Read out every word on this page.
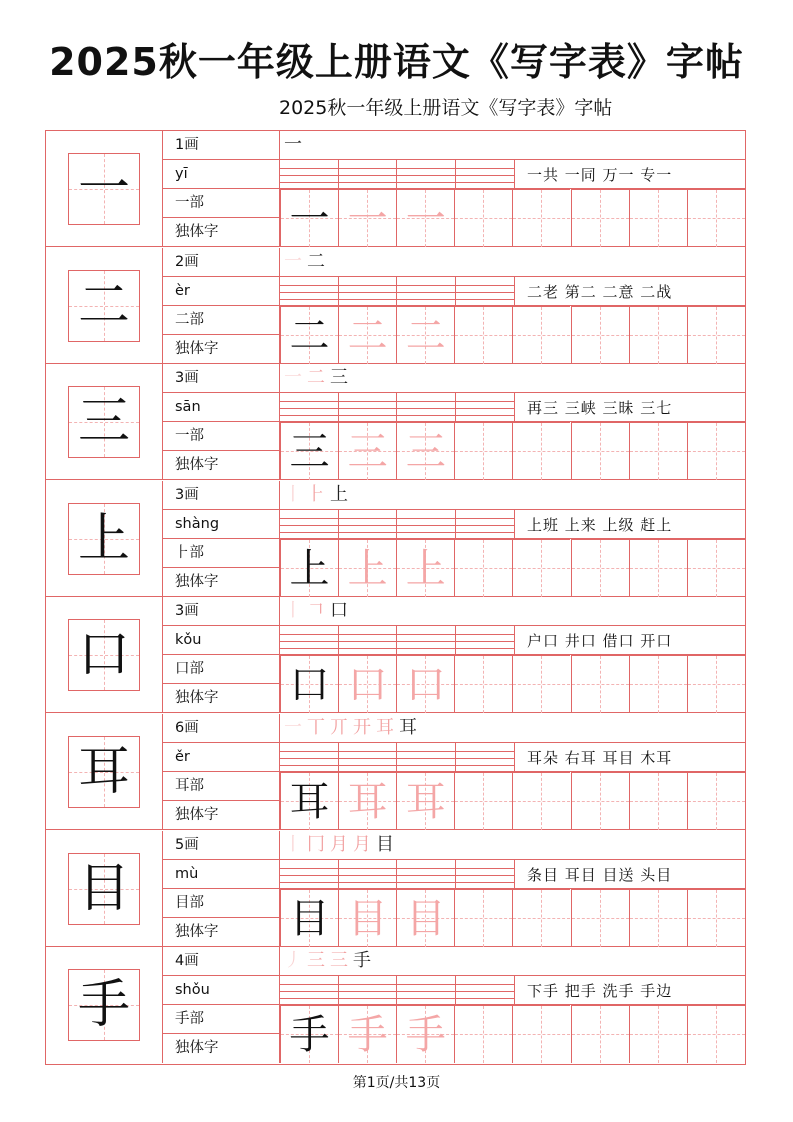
2025秋一年级上册语文《写字表》字帖
2025秋一年级上册语文《写字表》字帖
一
1画
yī
一部
独体字
一
一共 一同 万一 专一
一 一 一
二
2画
èr
二部
独体字
一 二
二老 第二 二意 二战
二 二 二
三
3画
sān
一部
独体字
一 二 三
再三 三峡 三昧 三七
三 三 三
上
3画
shàng
⺊部
独体字
丨 ⺊ 上
上班 上来 上级 赶上
上 上 上
口
3画
kǒu
口部
独体字
丨 𠃍 口
户口 井口 借口 开口
口 口 口
耳
6画
ěr
耳部
独体字
一 丅 丌 开 耳 耳
耳朵 右耳 耳目 木耳
耳 耳 耳
目
5画
mù
目部
独体字
丨 冂 月 月 目
条目 耳目 目送 头目
目 目 目
手
4画
shǒu
手部
独体字
丿 三 三 手
下手 把手 洗手 手边
手 手 手
第1页/共13页
